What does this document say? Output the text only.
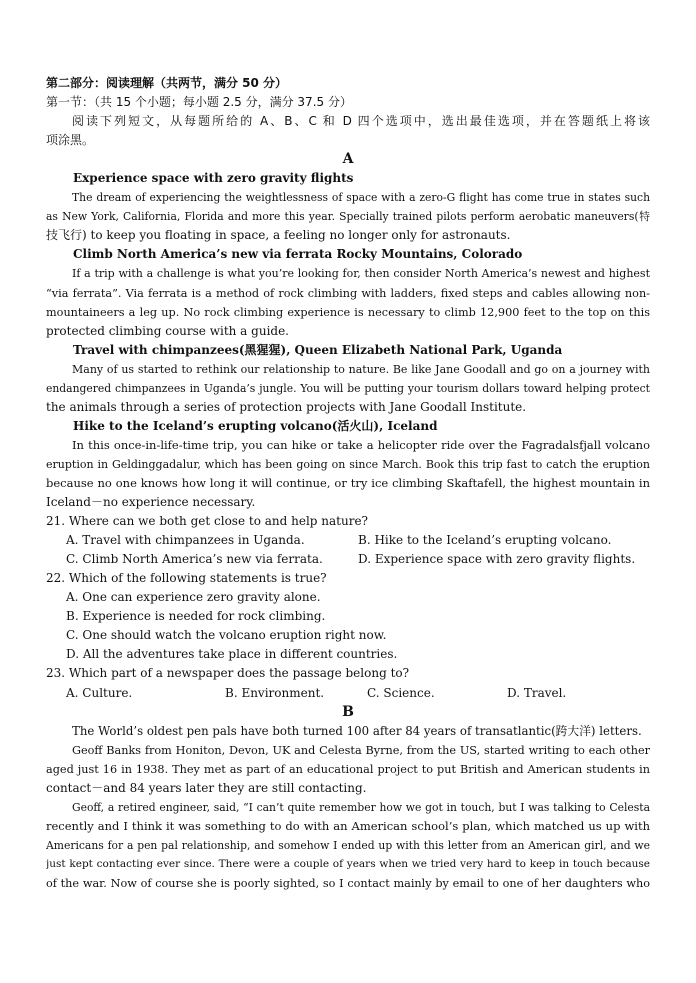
第二部分：阅读理解（共两节，满分 50 分）
第一节：（共 15 个小题；每小题 2.5 分，满分 37.5 分）
阅读下列短文，从每题所给的 A、B、C 和 D 四个选项中，选出最佳选项，并在答题纸上将该
项涂黑。
A
Experience space with zero gravity flights
The dream of experiencing the weightlessness of space with a zero-G flight has come true in states such
as New York, California, Florida and more this year. Specially trained pilots perform aerobatic maneuvers(特
技飞行) to keep you floating in space, a feeling no longer only for astronauts.
Climb North America’s new via ferrata Rocky Mountains, Colorado
If a trip with a challenge is what you’re looking for, then consider North America’s newest and highest
“via ferrata”. Via ferrata is a method of rock climbing with ladders, fixed steps and cables allowing non-
mountaineers a leg up. No rock climbing experience is necessary to climb 12,900 feet to the top on this
protected climbing course with a guide.
Travel with chimpanzees(黑猩猩), Queen Elizabeth National Park, Uganda
Many of us started to rethink our relationship to nature. Be like Jane Goodall and go on a journey with
endangered chimpanzees in Uganda’s jungle. You will be putting your tourism dollars toward helping protect
the animals through a series of protection projects with Jane Goodall Institute.
Hike to the Iceland’s erupting volcano(活火山), Iceland
In this once-in-life-time trip, you can hike or take a helicopter ride over the Fagradalsfjall volcano
eruption in Geldinggadalur, which has been going on since March. Book this trip fast to catch the eruption
because no one knows how long it will continue, or try ice climbing Skaftafell, the highest mountain in
Iceland－no experience necessary.
21. Where can we both get close to and help nature?
A. Travel with chimpanzees in Uganda.	B. Hike to the Iceland’s erupting volcano.
C. Climb North America’s new via ferrata.	D. Experience space with zero gravity flights.
22. Which of the following statements is true?
A. One can experience zero gravity alone.
B. Experience is needed for rock climbing.
C. One should watch the volcano eruption right now.
D. All the adventures take place in different countries.
23. Which part of a newspaper does the passage belong to?
A. Culture.	B. Environment.	C. Science.	D. Travel.
B
The World’s oldest pen pals have both turned 100 after 84 years of transatlantic(跨大洋) letters.
Geoff Banks from Honiton, Devon, UK and Celesta Byrne, from the US, started writing to each other
aged just 16 in 1938. They met as part of an educational project to put British and American students in
contact－and 84 years later they are still contacting.
Geoff, a retired engineer, said, “I can’t quite remember how we got in touch, but I was talking to Celesta
recently and I think it was something to do with an American school’s plan, which matched us up with
Americans for a pen pal relationship, and somehow I ended up with this letter from an American girl, and we
just kept contacting ever since. There were a couple of years when we tried very hard to keep in touch because
of the war. Now of course she is poorly sighted, so I contact mainly by email to one of her daughters who
